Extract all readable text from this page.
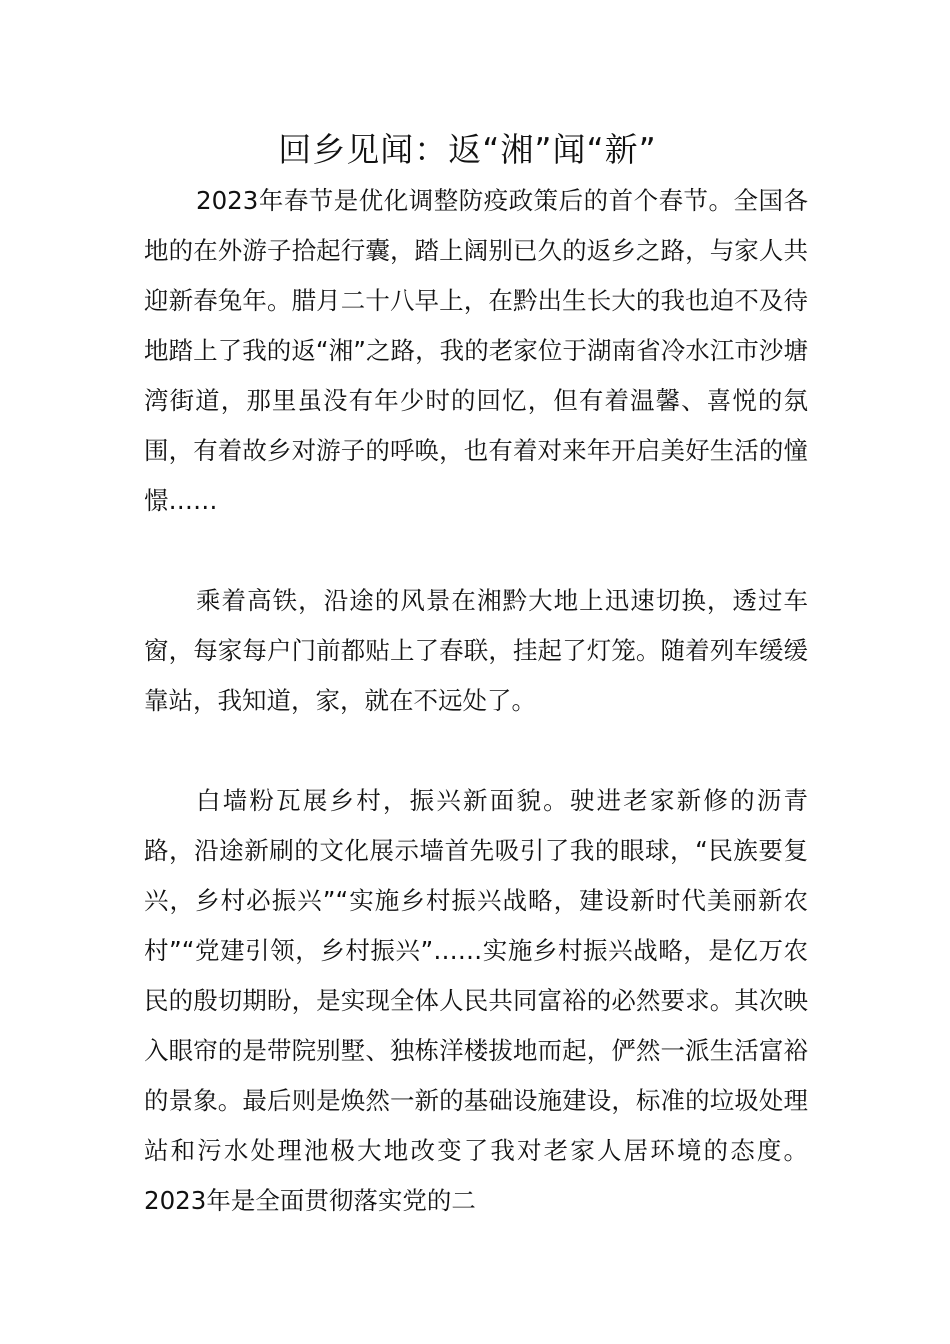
回乡见闻：返“湘”闻“新”

2023年春节是优化调整防疫政策后的首个春节。全国各地的在外游子拾起行囊，踏上阔别已久的返乡之路，与家人共迎新春兔年。腊月二十八早上，在黔出生长大的我也迫不及待地踏上了我的返“湘”之路，我的老家位于湖南省冷水江市沙塘湾街道，那里虽没有年少时的回忆，但有着温馨、喜悦的氛围，有着故乡对游子的呼唤，也有着对来年开启美好生活的憧憬……

乘着高铁，沿途的风景在湘黔大地上迅速切换，透过车窗，每家每户门前都贴上了春联，挂起了灯笼。随着列车缓缓靠站，我知道，家，就在不远处了。

白墙粉瓦展乡村，振兴新面貌。驶进老家新修的沥青路，沿途新刷的文化展示墙首先吸引了我的眼球，“民族要复兴，乡村必振兴”“实施乡村振兴战略，建设新时代美丽新农村”“党建引领，乡村振兴”……实施乡村振兴战略，是亿万农民的殷切期盼，是实现全体人民共同富裕的必然要求。其次映入眼帘的是带院别墅、独栋洋楼拔地而起，俨然一派生活富裕的景象。最后则是焕然一新的基础设施建设，标准的垃圾处理站和污水处理池极大地改变了我对老家人居环境的态度。2023年是全面贯彻落实党的二
